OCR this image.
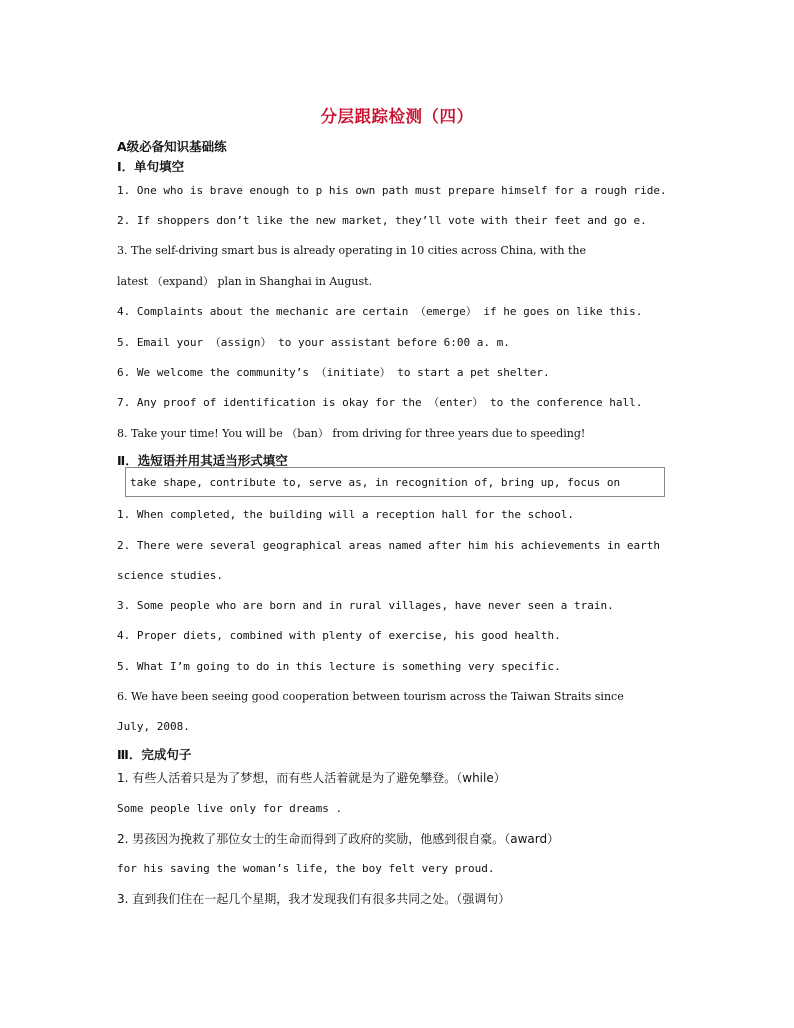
分层跟踪检测（四）
A级必备知识基础练
Ⅰ．单句填空
1. One who is brave enough to p his own path must prepare himself for a rough ride.
2. If shoppers don’t like the new market, they’ll vote with their feet and go e.
3. The self-driving smart bus is already operating in 10 cities across China, with the
latest （expand） plan in Shanghai in August.
4. Complaints about the mechanic are certain （emerge） if he goes on like this.
5. Email your （assign） to your assistant before 6:00 a. m.
6. We welcome the community’s （initiate） to start a pet shelter.
7. Any proof of identification is okay for the （enter） to the conference hall.
8. Take your time! You will be （ban） from driving for three years due to speeding!
Ⅱ．选短语并用其适当形式填空
take shape, contribute to, serve as, in recognition of, bring up, focus on
1. When completed, the building will a reception hall for the school.
2. There were several geographical areas named after him his achievements in earth
science studies.
3. Some people who are born and in rural villages, have never seen a train.
4. Proper diets, combined with plenty of exercise, his good health.
5. What I’m going to do in this lecture is something very specific.
6. We have been seeing good cooperation between tourism across the Taiwan Straits since
July, 2008.
Ⅲ．完成句子
1. 有些人活着只是为了梦想，而有些人活着就是为了避免攀登。（while）
Some people live only for dreams .
2. 男孩因为挽救了那位女士的生命而得到了政府的奖励，他感到很自豪。（award）
for his saving the woman’s life, the boy felt very proud.
3. 直到我们住在一起几个星期，我才发现我们有很多共同之处。（强调句）
